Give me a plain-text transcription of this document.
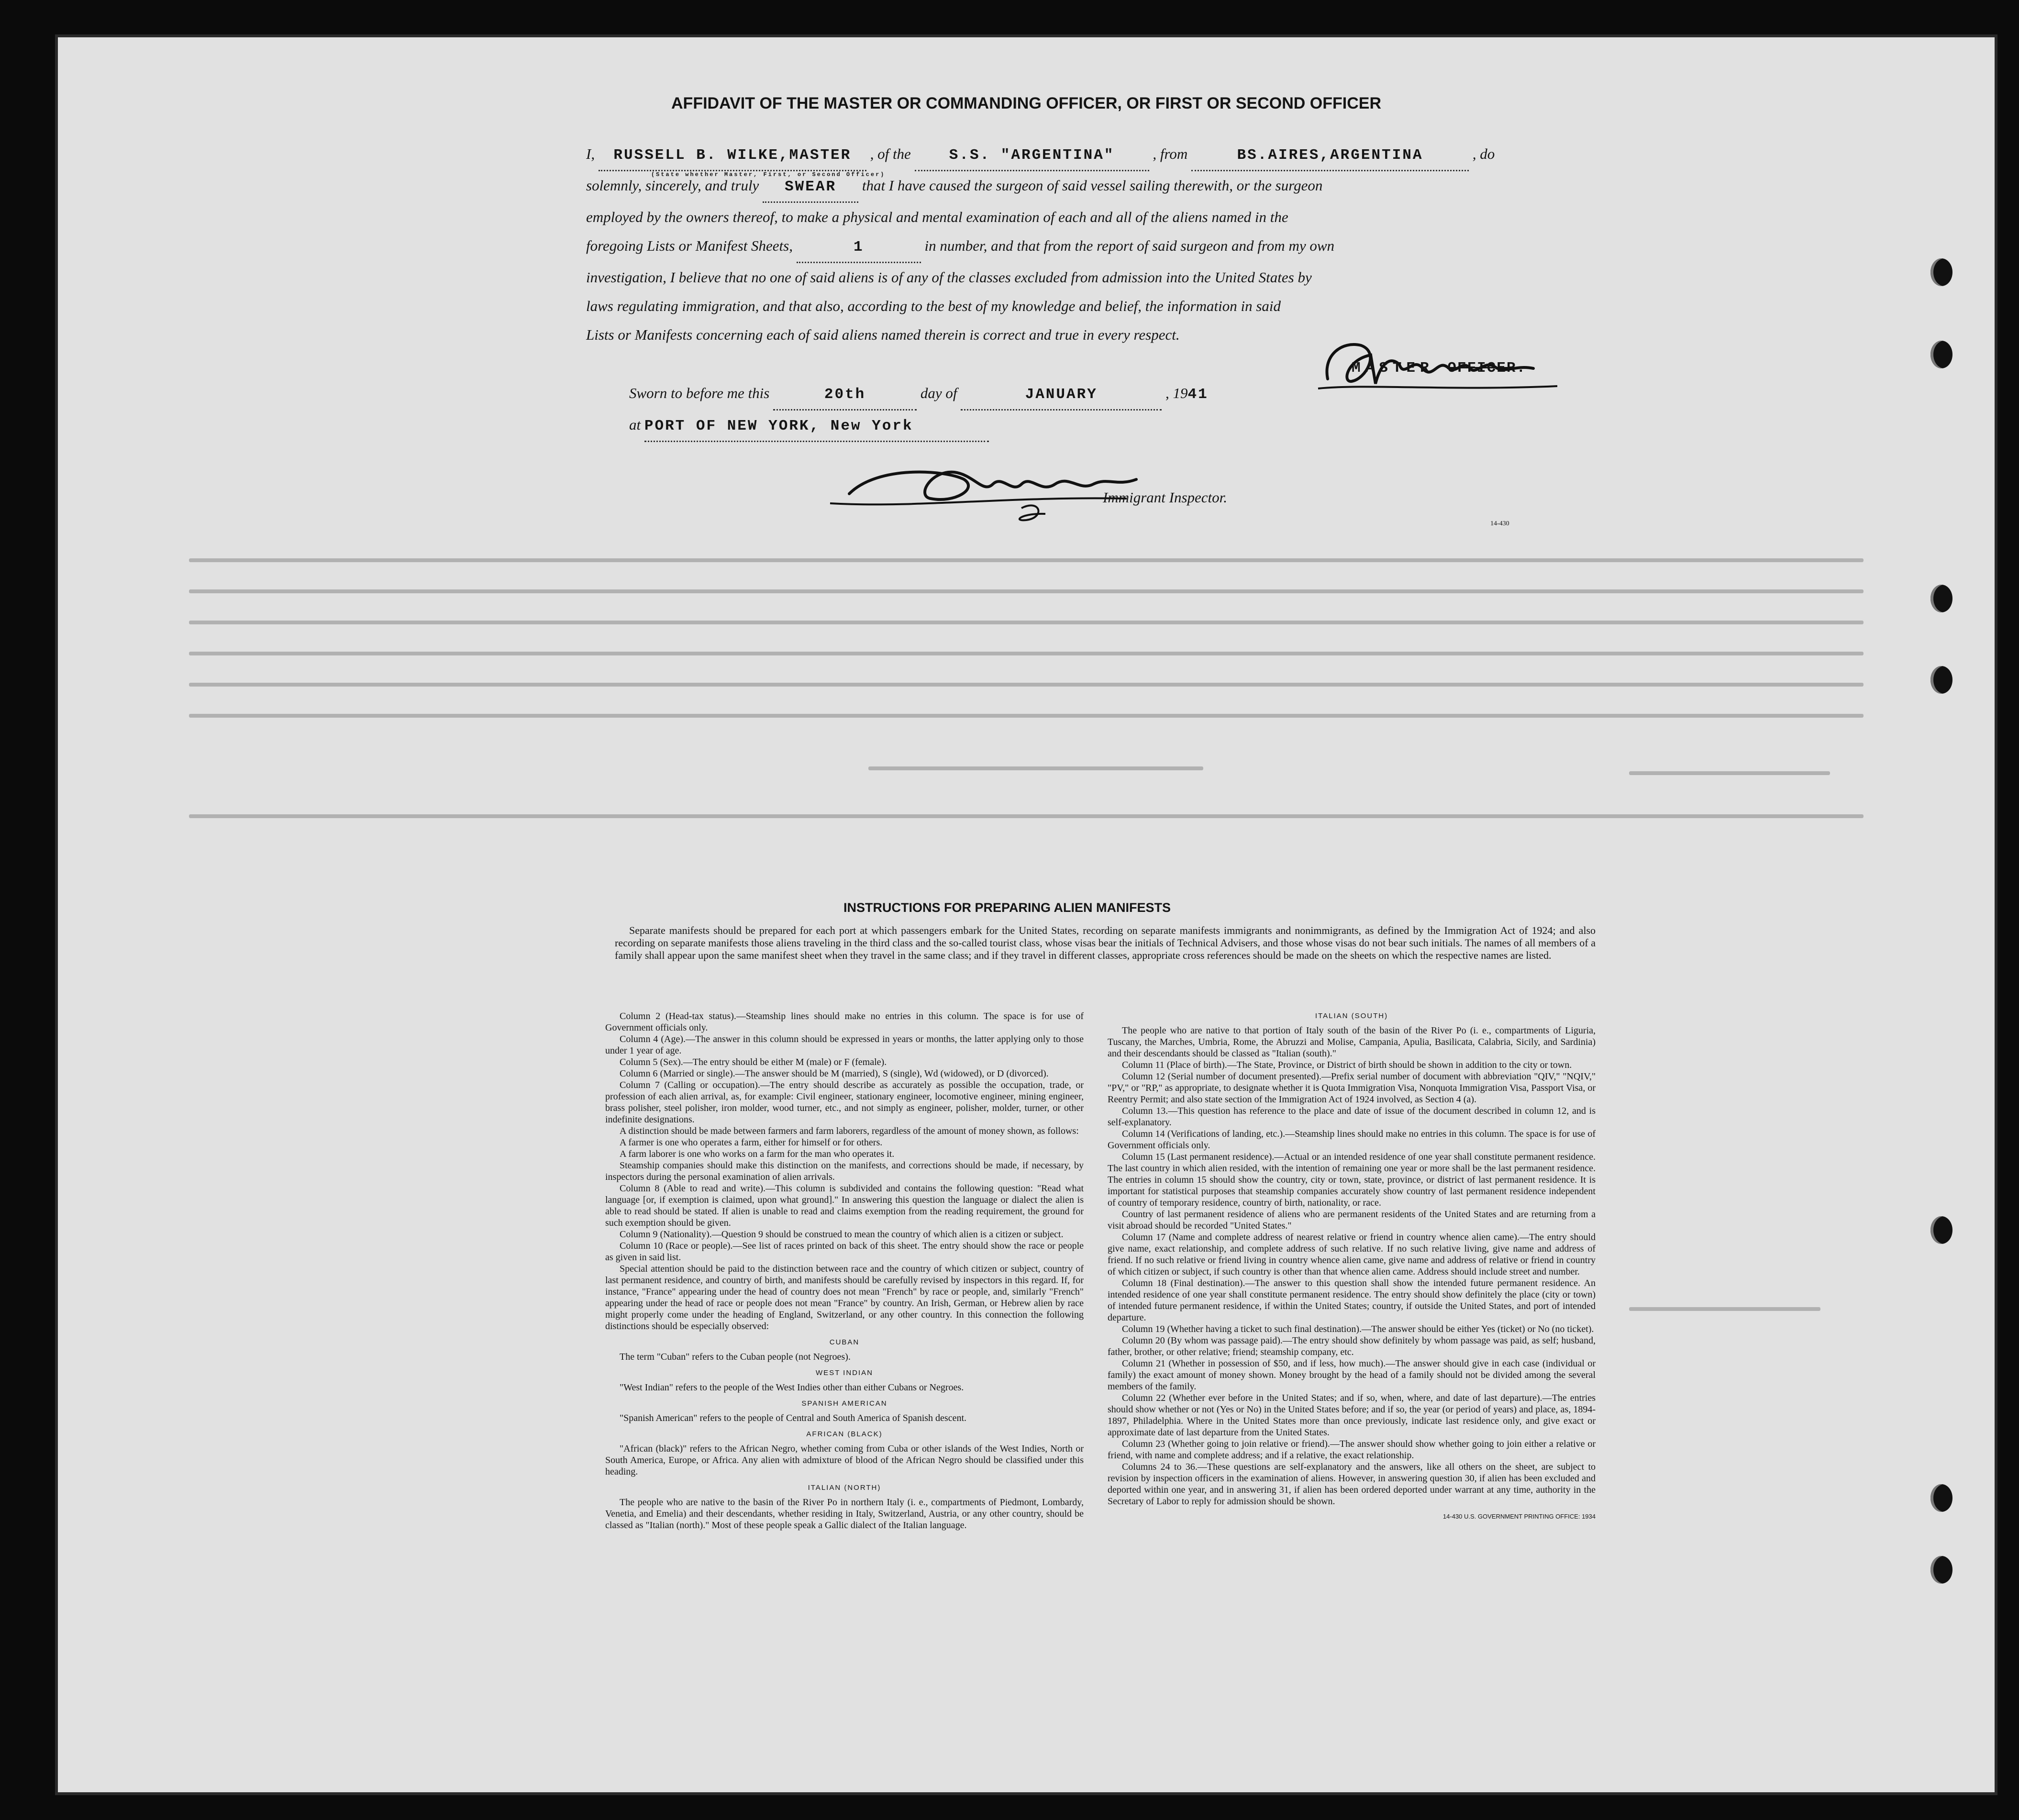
AFFIDAVIT OF THE MASTER OR COMMANDING OFFICER, OR FIRST OR SECOND OFFICER

I, RUSSELL B. WILKE,MASTER
(State whether Master, First, or Second Officer)
, of the	S.S. "ARGENTINA"	, from	BS.AIRES,ARGENTINA	, do

solemnly, sincerely, and truly SWEAR that I have caused the surgeon of said vessel sailing therewith, or the surgeon

employed by the owners thereof, to make a physical and mental examination of each and all of the aliens named in the

foregoing Lists or Manifest Sheets,	1	in number, and that from the report of said surgeon and from my own

investigation, I believe that no one of said aliens is of any of the classes excluded from admission into the United States by

laws regulating immigration, and that also, according to the best of my knowledge and belief, the information in said

Lists or Manifests concerning each of said aliens named therein is correct and true in every respect.

MASTER OFFICER.

Sworn to before me this	20th	day of	JANUARY	, 1941

at PORT OF NEW YORK, New York

Immigrant Inspector.
14-430
INSTRUCTIONS FOR PREPARING ALIEN MANIFESTS

Separate manifests should be prepared for each port at which passengers embark for the United States, recording on separate manifests immigrants and nonimmigrants, as defined by the Immigration Act of 1924; and also recording on separate manifests those aliens traveling in the third class and the so-called tourist class, whose visas bear the initials of Technical Advisers, and those whose visas do not bear such initials. The names of all members of a family shall appear upon the same manifest sheet when they travel in the same class; and if they travel in different classes, appropriate cross references should be made on the sheets on which the respective names are listed.

Column 2 (Head-tax status).—Steamship lines should make no entries in this column. The space is for use of Government officials only.

Column 4 (Age).—The answer in this column should be expressed in years or months, the latter applying only to those under 1 year of age.

Column 5 (Sex).—The entry should be either M (male) or F (female).

Column 6 (Married or single).—The answer should be M (married), S (single), Wd (widowed), or D (divorced).

Column 7 (Calling or occupation).—The entry should describe as accurately as possible the occupation, trade, or profession of each alien arrival, as, for example: Civil engineer, stationary engineer, locomotive engineer, mining engineer, brass polisher, steel polisher, iron molder, wood turner, etc., and not simply as engineer, polisher, molder, turner, or other indefinite designations.

A distinction should be made between farmers and farm laborers, regardless of the amount of money shown, as follows:

A farmer is one who operates a farm, either for himself or for others.

A farm laborer is one who works on a farm for the man who operates it.

Steamship companies should make this distinction on the manifests, and corrections should be made, if necessary, by inspectors during the personal examination of alien arrivals.

Column 8 (Able to read and write).—This column is subdivided and contains the following question: "Read what language [or, if exemption is claimed, upon what ground]." In answering this question the language or dialect the alien is able to read should be stated. If alien is unable to read and claims exemption from the reading requirement, the ground for such exemption should be given.

Column 9 (Nationality).—Question 9 should be construed to mean the country of which alien is a citizen or subject.

Column 10 (Race or people).—See list of races printed on back of this sheet. The entry should show the race or people as given in said list.

Special attention should be paid to the distinction between race and the country of which citizen or subject, country of last permanent residence, and country of birth, and manifests should be carefully revised by inspectors in this regard. If, for instance, "France" appearing under the head of country does not mean "French" by race or people, and, similarly "French" appearing under the head of race or people does not mean "France" by country. An Irish, German, or Hebrew alien by race might properly come under the heading of England, Switzerland, or any other country. In this connection the following distinctions should be especially observed:

CUBAN

The term "Cuban" refers to the Cuban people (not Negroes).

WEST INDIAN

"West Indian" refers to the people of the West Indies other than either Cubans or Negroes.

SPANISH AMERICAN

"Spanish American" refers to the people of Central and South America of Spanish descent.

AFRICAN (BLACK)

"African (black)" refers to the African Negro, whether coming from Cuba or other islands of the West Indies, North or South America, Europe, or Africa. Any alien with admixture of blood of the African Negro should be classified under this heading.

ITALIAN (NORTH)

The people who are native to the basin of the River Po in northern Italy (i. e., compartments of Piedmont, Lombardy, Venetia, and Emelia) and their descendants, whether residing in Italy, Switzerland, Austria, or any other country, should be classed as "Italian (north)." Most of these people speak a Gallic dialect of the Italian language.

ITALIAN (SOUTH)

The people who are native to that portion of Italy south of the basin of the River Po (i. e., compartments of Liguria, Tuscany, the Marches, Umbria, Rome, the Abruzzi and Molise, Campania, Apulia, Basilicata, Calabria, Sicily, and Sardinia) and their descendants should be classed as "Italian (south)."

Column 11 (Place of birth).—The State, Province, or District of birth should be shown in addition to the city or town.

Column 12 (Serial number of document presented).—Prefix serial number of document with abbreviation "QIV," "NQIV," "PV," or "RP," as appropriate, to designate whether it is Quota Immigration Visa, Nonquota Immigration Visa, Passport Visa, or Reentry Permit; and also state section of the Immigration Act of 1924 involved, as Section 4 (a).

Column 13.—This question has reference to the place and date of issue of the document described in column 12, and is self-explanatory.

Column 14 (Verifications of landing, etc.).—Steamship lines should make no entries in this column. The space is for use of Government officials only.

Column 15 (Last permanent residence).—Actual or an intended residence of one year shall constitute permanent residence. The last country in which alien resided, with the intention of remaining one year or more shall be the last permanent residence. The entries in column 15 should show the country, city or town, state, province, or district of last permanent residence. It is important for statistical purposes that steamship companies accurately show country of last permanent residence independent of country of temporary residence, country of birth, nationality, or race.

Country of last permanent residence of aliens who are permanent residents of the United States and are returning from a visit abroad should be recorded "United States."

Column 17 (Name and complete address of nearest relative or friend in country whence alien came).—The entry should give name, exact relationship, and complete address of such relative. If no such relative living, give name and address of friend. If no such relative or friend living in country whence alien came, give name and address of relative or friend in country of which citizen or subject, if such country is other than that whence alien came. Address should include street and number.

Column 18 (Final destination).—The answer to this question shall show the intended future permanent residence. An intended residence of one year shall constitute permanent residence. The entry should show definitely the place (city or town) of intended future permanent residence, if within the United States; country, if outside the United States, and port of intended departure.

Column 19 (Whether having a ticket to such final destination).—The answer should be either Yes (ticket) or No (no ticket).

Column 20 (By whom was passage paid).—The entry should show definitely by whom passage was paid, as self; husband, father, brother, or other relative; friend; steamship company, etc.

Column 21 (Whether in possession of $50, and if less, how much).—The answer should give in each case (individual or family) the exact amount of money shown. Money brought by the head of a family should not be divided among the several members of the family.

Column 22 (Whether ever before in the United States; and if so, when, where, and date of last departure).—The entries should show whether or not (Yes or No) in the United States before; and if so, the year (or period of years) and place, as, 1894-1897, Philadelphia. Where in the United States more than once previously, indicate last residence only, and give exact or approximate date of last departure from the United States.

Column 23 (Whether going to join relative or friend).—The answer should show whether going to join either a relative or friend, with name and complete address; and if a relative, the exact relationship.

Columns 24 to 36.—These questions are self-explanatory and the answers, like all others on the sheet, are subject to revision by inspection officers in the examination of aliens. However, in answering question 30, if alien has been excluded and deported within one year, and in answering 31, if alien has been ordered deported under warrant at any time, authority in the Secretary of Labor to reply for admission should be shown.

14-430 U.S. GOVERNMENT PRINTING OFFICE: 1934
